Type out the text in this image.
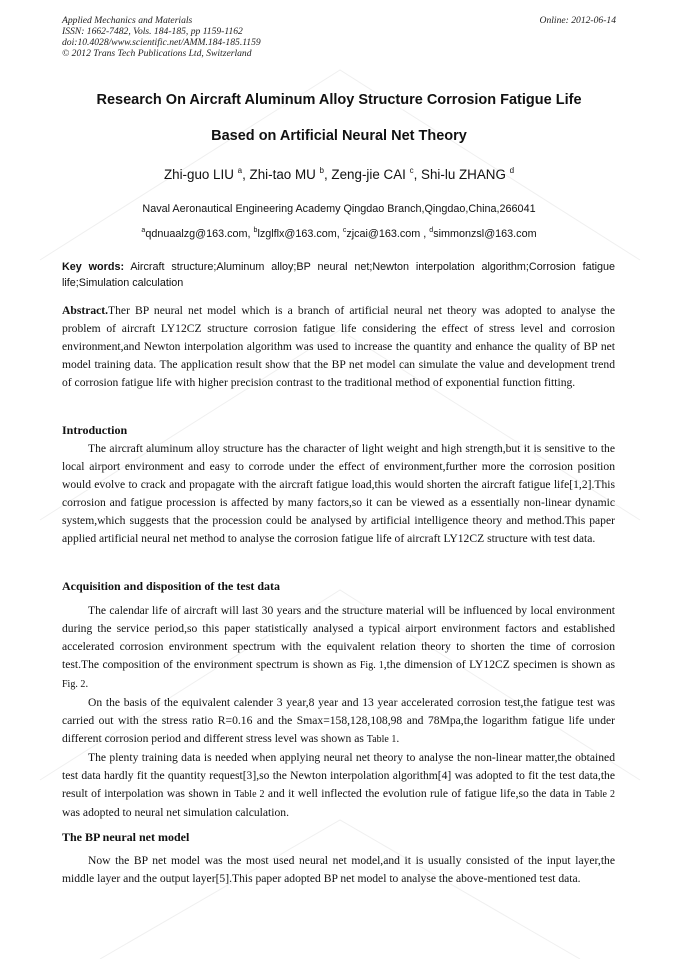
Applied Mechanics and Materials
ISSN: 1662-7482, Vols. 184-185, pp 1159-1162
doi:10.4028/www.scientific.net/AMM.184-185.1159
© 2012 Trans Tech Publications Ltd, Switzerland
Online: 2012-06-14
Research On Aircraft Aluminum Alloy Structure Corrosion Fatigue Life
Based on Artificial Neural Net Theory
Zhi-guo LIU $^a$, Zhi-tao MU $^b$, Zeng-jie CAI $^c$, Shi-lu ZHANG $^d$
Naval Aeronautical Engineering Academy Qingdao Branch,Qingdao,China,266041
$^a$qdnuaalzg@163.com, $^b$lzglflx@163.com, $^c$zjcai@163.com , $^d$simmonzsl@163.com
Key words: Aircraft structure;Aluminum alloy;BP neural net;Newton interpolation algorithm;Corrosion fatigue life;Simulation calculation

Abstract.Ther BP neural net model which is a branch of artificial neural net theory was adopted to analyse the problem of aircraft LY12CZ structure corrosion fatigue life considering the effect of stress level and corrosion environment,and Newton interpolation algorithm was used to increase the quantity and enhance the quality of BP net model training data. The application result show that the BP net model can simulate the value and development trend of corrosion fatigue life with higher precision contrast to the traditional method of exponential function fitting.

Introduction

The aircraft aluminum alloy structure has the character of light weight and high strength,but it is sensitive to the local airport environment and easy to corrode under the effect of environment,further more the corrosion position would evolve to crack and propagate with the aircraft fatigue load,this would shorten the aircraft fatigue life[1,2].This corrosion and fatigue procession is affected by many factors,so it can be viewed as a essentially non-linear dynamic system,which suggests that the procession could be analysed by artificial intelligence theory and method.This paper applied artificial neural net method to analyse the corrosion fatigue life of aircraft LY12CZ structure with test data.

Acquisition and disposition of the test data

The calendar life of aircraft will last 30 years and the structure material will be influenced by local environment during the service period,so this paper statistically analysed a typical airport environment factors and established accelerated corrosion environment spectrum with the equivalent relation theory to shorten the time of corrosion test.The composition of the environment spectrum is shown as Fig. 1,the dimension of LY12CZ specimen is shown as Fig. 2.

On the basis of the equivalent calender 3 year,8 year and 13 year accelerated corrosion test,the fatigue test was carried out with the stress ratio R=0.16 and the Smax=158,128,108,98 and 78Mpa,the logarithm fatigue life under different corrosion period and different stress level was shown as Table 1.

The plenty training data is needed when applying neural net theory to analyse the non-linear matter,the obtained test data hardly fit the quantity request[3],so the Newton interpolation algorithm[4] was adopted to fit the test data,the result of interpolation was shown in Table 2 and it well inflected the evolution rule of fatigue life,so the data in Table 2 was adopted to neural net simulation calculation.

The BP neural net model

Now the BP net model was the most used neural net model,and it is usually consisted of the input layer,the middle layer and the output layer[5].This paper adopted BP net model to analyse the above-mentioned test data.
